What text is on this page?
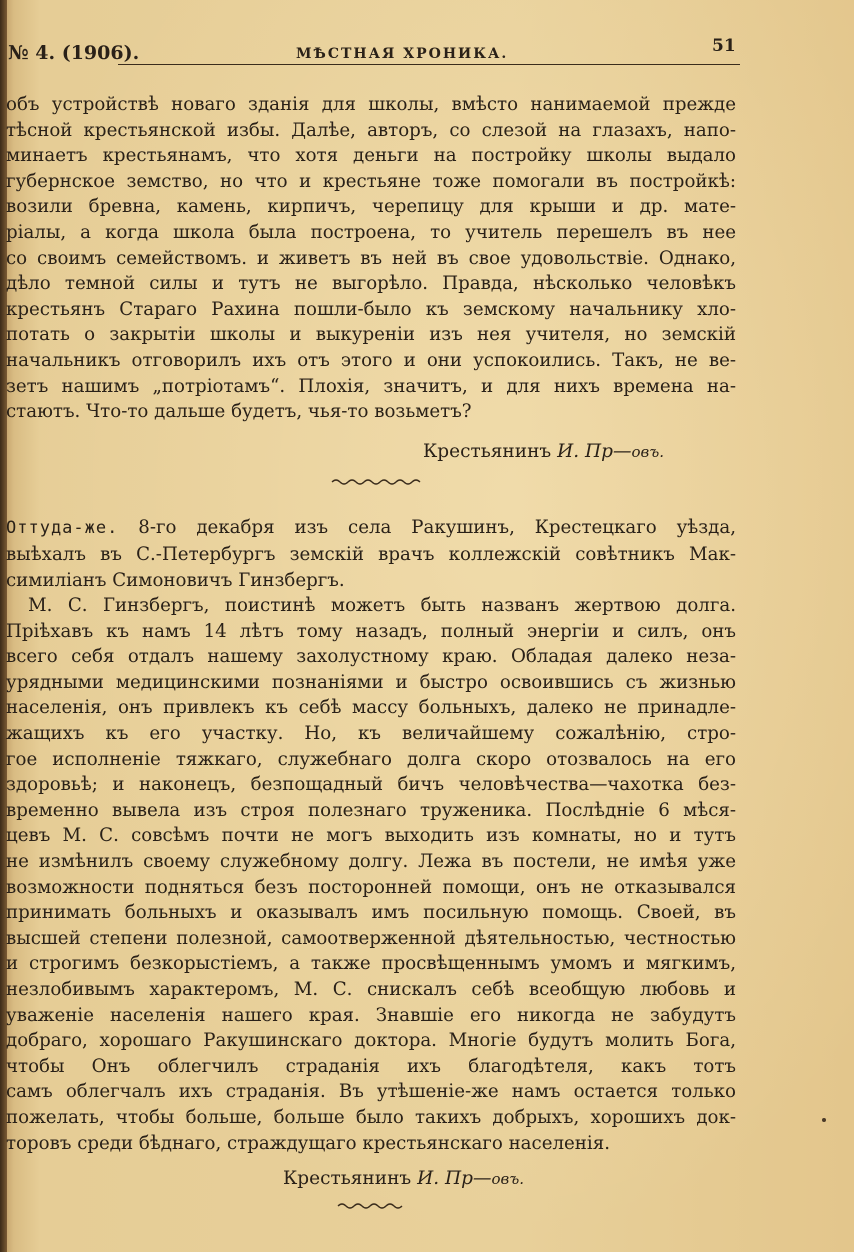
№ 4. (1906).	МѢСТНАЯ ХРОНИКА.	51
объ устройствѣ новаго зданія для школы, вмѣсто нанимаемой прежде
тѣсной крестьянской избы. Далѣе, авторъ, со слезой на глазахъ, напо-
минаетъ крестьянамъ, что хотя деньги на постройку школы выдало
губернское земство, но что и крестьяне тоже помогали въ постройкѣ:
возили бревна, камень, кирпичъ, черепицу для крыши и др. мате-
ріалы, а когда школа была построена, то учитель перешелъ въ нее
со своимъ семействомъ. и живетъ въ ней въ свое удовольствіе. Однако,
дѣло темной силы и тутъ не выгорѣло. Правда, нѣсколько человѣкъ
крестьянъ Стараго Рахина пошли-было къ земскому начальнику хло-
потать о закрытіи школы и выкуреніи изъ нея учителя, но земскій
начальникъ отговорилъ ихъ отъ этого и они успокоились. Такъ, не ве-
зетъ нашимъ „потріотамъ“. Плохія, значитъ, и для нихъ времена на-
стаютъ. Что-то дальше будетъ, чья-то возьметъ?
Крестьянинъ И. Пр—овъ.
Оттуда-же. 8-го декабря изъ села Ракушинъ, Крестецкаго уѣзда,
выѣхалъ въ С.-Петербургъ земскій врачъ коллежскій совѣтникъ Мак-
симиліанъ Симоновичъ Гинзбергъ.
М. С. Гинзбергъ, поистинѣ можетъ быть названъ жертвою долга.
Пріѣхавъ къ намъ 14 лѣтъ тому назадъ, полный энергіи и силъ, онъ
всего себя отдалъ нашему захолустному краю. Обладая далеко неза-
урядными медицинскими познаніями и быстро освоившись съ жизнью
населенія, онъ привлекъ къ себѣ массу больныхъ, далеко не принадле-
жащихъ къ его участку. Но, къ величайшему сожалѣнію, стро-
гое исполненіе тяжкаго, служебнаго долга скоро отозвалось на его
здоровьѣ; и наконецъ, безпощадный бичъ человѣчества—чахотка без-
временно вывела изъ строя полезнаго труженика. Послѣдніе 6 мѣся-
цевъ М. С. совсѣмъ почти не могъ выходить изъ комнаты, но и тутъ
не измѣнилъ своему служебному долгу. Лежа въ постели, не имѣя уже
возможности подняться безъ посторонней помощи, онъ не отказывался
принимать больныхъ и оказывалъ имъ посильную помощь. Своей, въ
высшей степени полезной, самоотверженной дѣятельностью, честностью
и строгимъ безкорыстіемъ, а также просвѣщеннымъ умомъ и мягкимъ,
незлобивымъ характеромъ, М. С. снискалъ себѣ всеобщую любовь и
уваженіе населенія нашего края. Знавшіе его никогда не забудутъ
добраго, хорошаго Ракушинскаго доктора. Многіе будутъ молить Бога,
чтобы Онъ облегчилъ страданія ихъ благодѣтеля, какъ тотъ
самъ облегчалъ ихъ страданія. Въ утѣшеніе-же намъ остается только
пожелать, чтобы больше, больше было такихъ добрыхъ, хорошихъ док-
торовъ среди бѣднаго, страждущаго крестьянскаго населенія.
Крестьянинъ И. Пр—овъ.
